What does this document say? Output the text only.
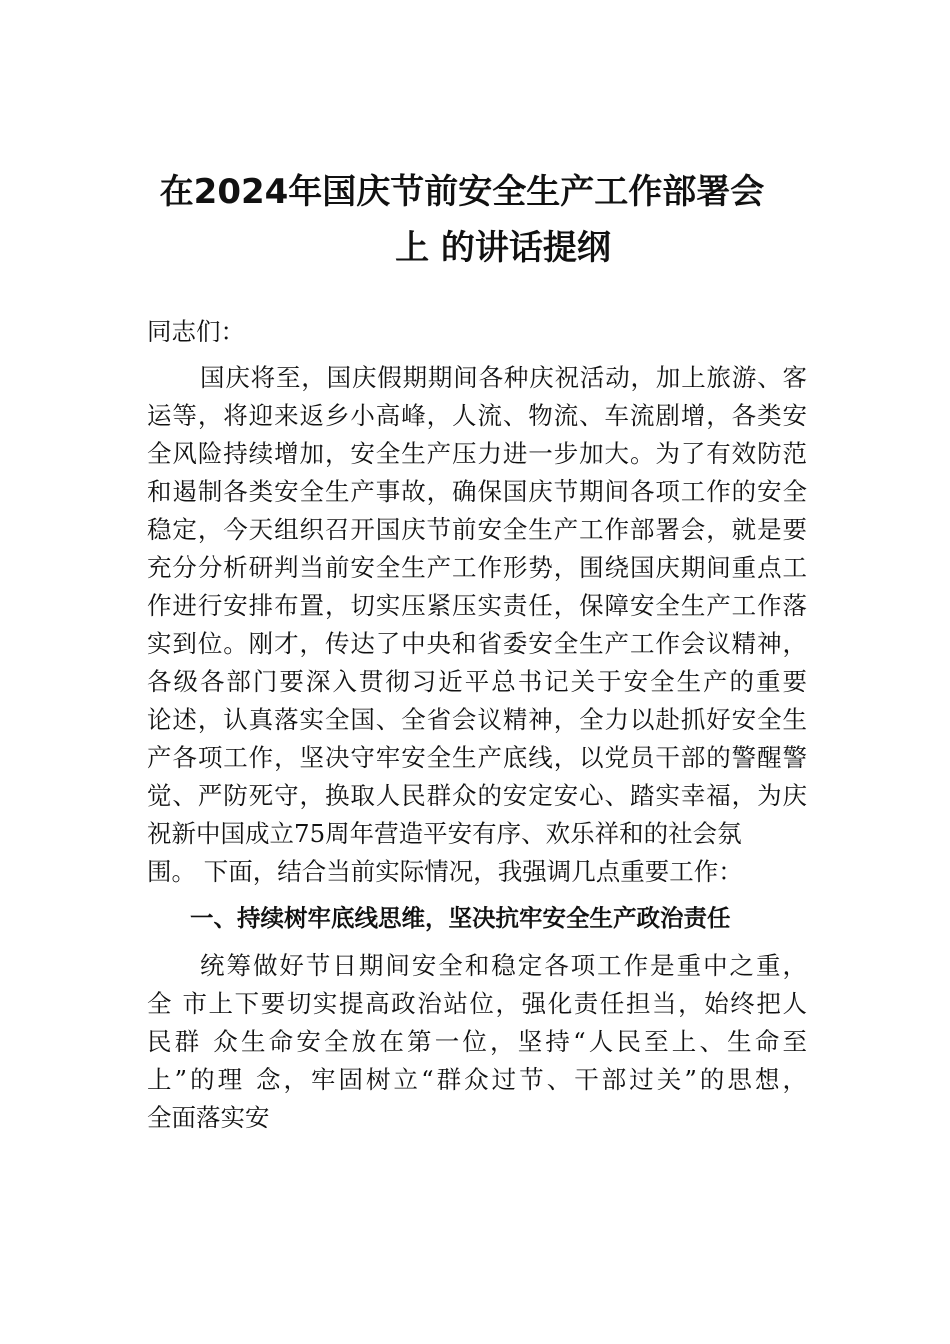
在2024年国庆节前安全生产工作部署会
上 的讲话提纲
同志们：
国庆将至，国庆假期期间各种庆祝活动，加上旅游、客
运等，将迎来返乡小高峰，人流、物流、车流剧增，各类安
全风险持续增加，安全生产压力进一步加大。为了有效防范
和遏制各类安全生产事故，确保国庆节期间各项工作的安全
稳定，今天组织召开国庆节前安全生产工作部署会，就是要
充分分析研判当前安全生产工作形势，围绕国庆期间重点工
作进行安排布置，切实压紧压实责任，保障安全生产工作落
实到位。刚才，传达了中央和省委安全生产工作会议精神，
各级各部门要深入贯彻习近平总书记关于安全生产的重要
论述，认真落实全国、全省会议精神，全力以赴抓好安全生
产各项工作，坚决守牢安全生产底线，以党员干部的警醒警
觉、严防死守，换取人民群众的安定安心、踏实幸福，为庆
祝新中国成立75周年营造平安有序、欢乐祥和的社会氛
围。 下面，结合当前实际情况，我强调几点重要工作：
一、持续树牢底线思维，坚决抗牢安全生产政治责任
统筹做好节日期间安全和稳定各项工作是重中之重，
全 市上下要切实提高政治站位，强化责任担当，始终把人
民群 众生命安全放在第一位，坚持“人民至上、生命至
上”的理 念，牢固树立“群众过节、干部过关”的思想，
全面落实安
